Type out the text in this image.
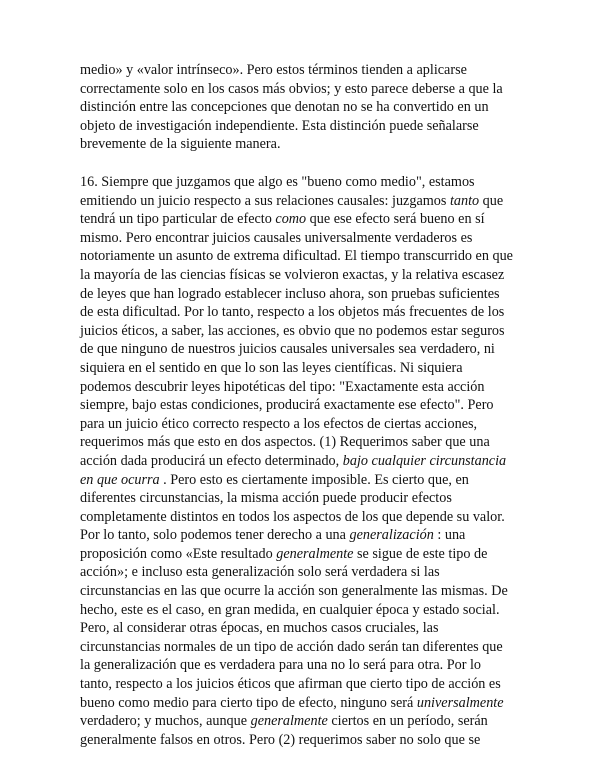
medio» y «valor intrínseco». Pero estos términos tienden a aplicarse
correctamente solo en los casos más obvios; y esto parece deberse a que la
distinción entre las concepciones que denotan no se ha convertido en un
objeto de investigación independiente. Esta distinción puede señalarse
brevemente de la siguiente manera.
16. Siempre que juzgamos que algo es "bueno como medio", estamos
emitiendo un juicio respecto a sus relaciones causales: juzgamos tanto que
tendrá un tipo particular de efecto como que ese efecto será bueno en sí
mismo. Pero encontrar juicios causales universalmente verdaderos es
notoriamente un asunto de extrema dificultad. El tiempo transcurrido en que
la mayoría de las ciencias físicas se volvieron exactas, y la relativa escasez
de leyes que han logrado establecer incluso ahora, son pruebas suficientes
de esta dificultad. Por lo tanto, respecto a los objetos más frecuentes de los
juicios éticos, a saber, las acciones, es obvio que no podemos estar seguros
de que ninguno de nuestros juicios causales universales sea verdadero, ni
siquiera en el sentido en que lo son las leyes científicas. Ni siquiera
podemos descubrir leyes hipotéticas del tipo: "Exactamente esta acción
siempre, bajo estas condiciones, producirá exactamente ese efecto". Pero
para un juicio ético correcto respecto a los efectos de ciertas acciones,
requerimos más que esto en dos aspectos. (1) Requerimos saber que una
acción dada producirá un efecto determinado, bajo cualquier circunstancia
en que ocurra . Pero esto es ciertamente imposible. Es cierto que, en
diferentes circunstancias, la misma acción puede producir efectos
completamente distintos en todos los aspectos de los que depende su valor.
Por lo tanto, solo podemos tener derecho a una generalización : una
proposición como «Este resultado generalmente se sigue de este tipo de
acción»; e incluso esta generalización solo será verdadera si las
circunstancias en las que ocurre la acción son generalmente las mismas. De
hecho, este es el caso, en gran medida, en cualquier época y estado social.
Pero, al considerar otras épocas, en muchos casos cruciales, las
circunstancias normales de un tipo de acción dado serán tan diferentes que
la generalización que es verdadera para una no lo será para otra. Por lo
tanto, respecto a los juicios éticos que afirman que cierto tipo de acción es
bueno como medio para cierto tipo de efecto, ninguno será universalmente
verdadero; y muchos, aunque generalmente ciertos en un período, serán
generalmente falsos en otros. Pero (2) requerimos saber no solo que se
